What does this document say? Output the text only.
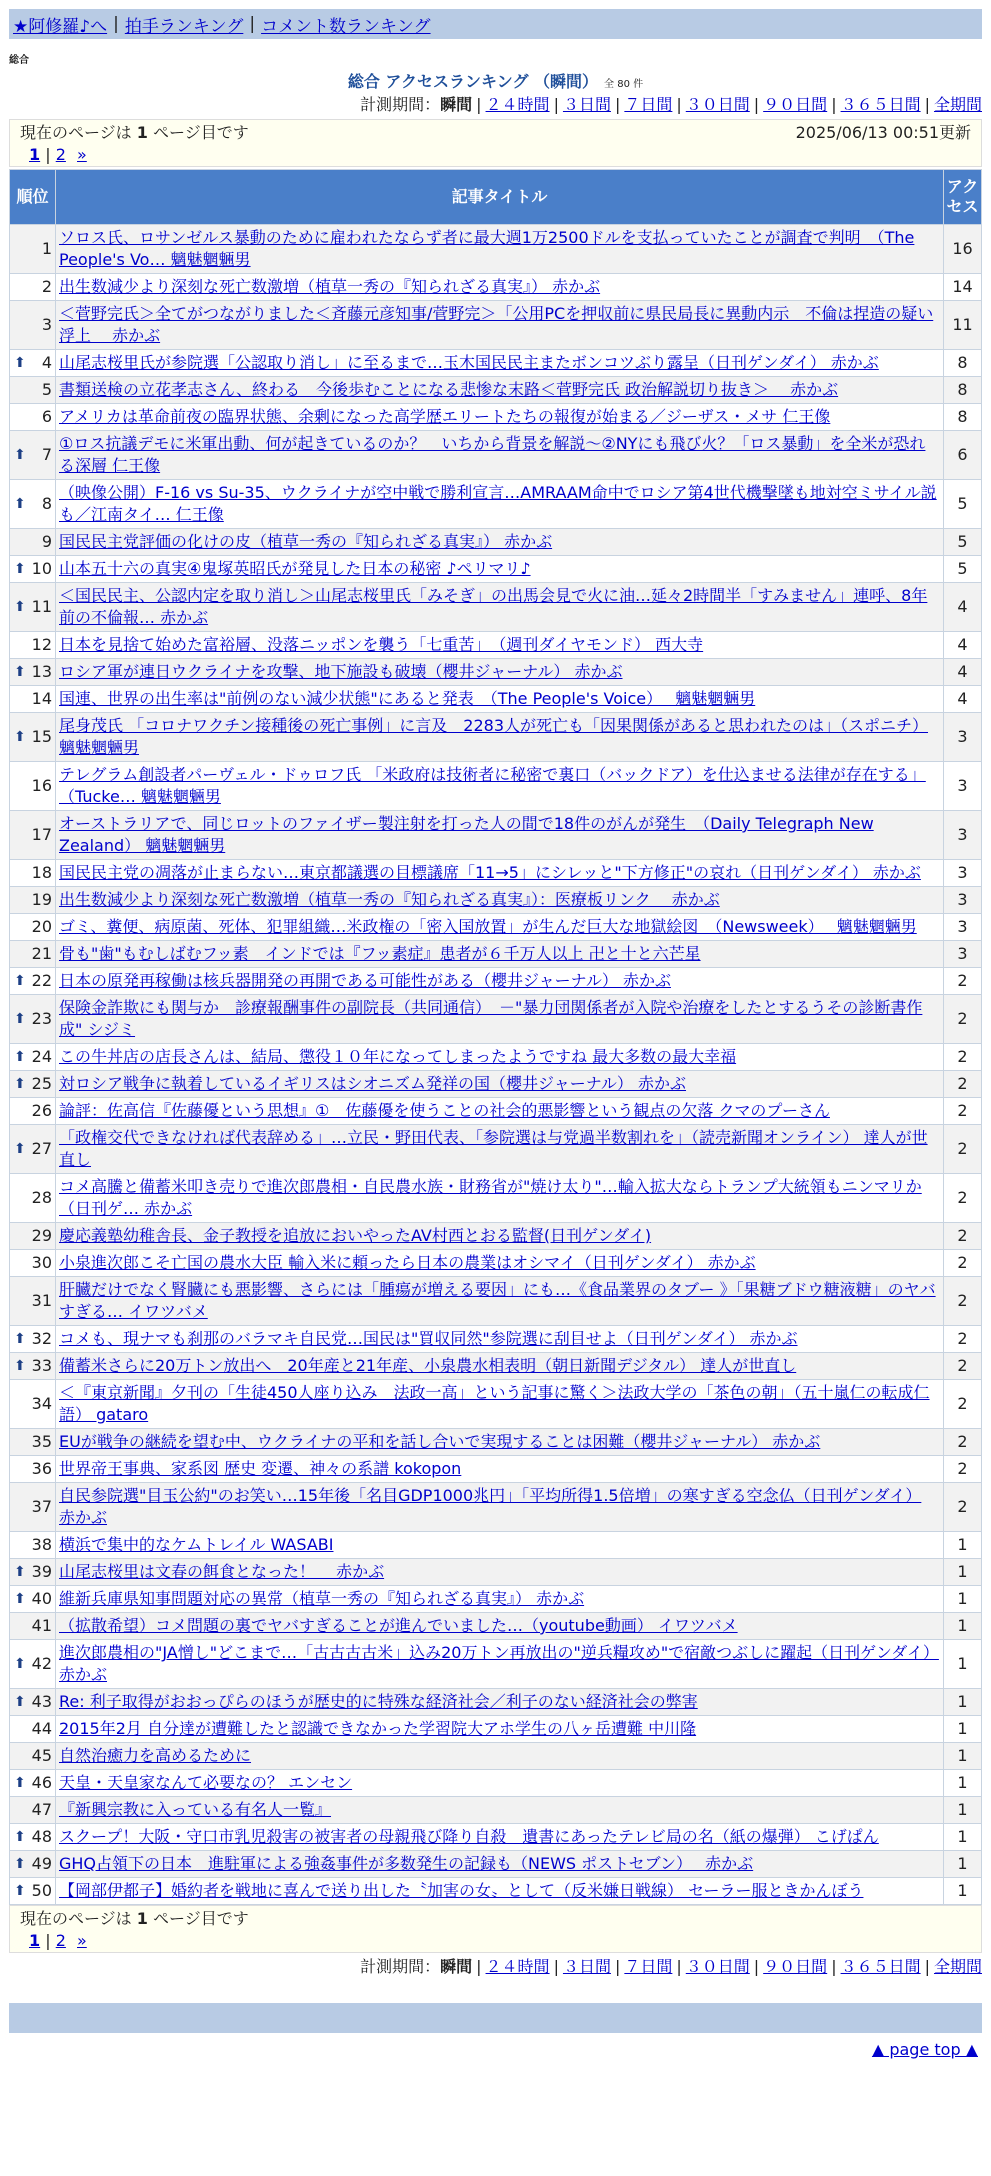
★阿修羅♪へ | 拍手ランキング | コメント数ランキング
総合
総合 アクセスランキング （瞬間） 全 80 件
計測期間：瞬間 | ２４時間 | ３日間 | ７日間 | ３０日間 | ９０日間 | ３６５日間 | 全期間
現在のページは 1 ページ目です	2025/06/13 00:51更新
1 | 2 »
順位	記事タイトル	アクセス
1	ソロス氏、ロサンゼルス暴動のために雇われたならず者に最大週1万2500ドルを支払っていたことが調査で判明　（The People's Vo… 魑魅魍魎男	16
2	出生数減少より深刻な死亡数激増（植草一秀の『知られざる真実』） 赤かぶ	14
3	＜菅野完氏＞全てがつながりました＜斉藤元彦知事/菅野完＞「公用PCを押収前に県民局長に異動内示　不倫は捏造の疑い浮上　 赤かぶ	11

⬆ 4	山尾志桜里氏が参院選「公認取り消し」に至るまで…玉木国民民主またボンコツぶり露呈（日刊ゲンダイ） 赤かぶ	8
5	書類送検の立花孝志さん、終わる　今後歩むことになる悲惨な末路＜菅野完氏 政治解説切り抜き＞　 赤かぶ	8
6	アメリカは革命前夜の臨界状態、余剰になった高学歴エリートたちの報復が始まる／ジーザス・メサ 仁王像	8

⬆ 7	①ロス抗議デモに米軍出動、何が起きているのか？　いちから背景を解説〜②NYにも飛び火？「ロス暴動」を全米が恐れる深層 仁王像	6

⬆ 8	（映像公開）F-16 vs Su-35、ウクライナが空中戦で勝利宣言…AMRAAM命中でロシア第4世代機撃墜も地対空ミサイル説も／江南タイ… 仁王像	5
9	国民民主党評価の化けの皮（植草一秀の『知られざる真実』） 赤かぶ	5

⬆ 10	山本五十六の真実④鬼塚英昭氏が発見した日本の秘密 ♪ペリマリ♪	5

⬆ 11	＜国民民主、公認内定を取り消し＞山尾志桜里氏「みそぎ」の出馬会見で火に油…延々2時間半「すみません」連呼、8年前の不倫報… 赤かぶ	4
12	日本を見捨て始めた富裕層、没落ニッポンを襲う「七重苦」　（週刊ダイヤモンド） 西大寺	4

⬆ 13	ロシア軍が連日ウクライナを攻撃、地下施設も破壊（櫻井ジャーナル） 赤かぶ	4
14	国連、世界の出生率は"前例のない減少状態"にあると発表　（The People's Voice）　 魑魅魍魎男	4

⬆ 15	尾身茂氏 「コロナワクチン接種後の死亡事例」に言及　2283人が死亡も「因果関係があると思われたのは」（スポニチ） 魑魅魍魎男	3
16	テレグラム創設者パーヴェル・ドゥロフ氏 「米政府は技術者に秘密で裏口（バックドア）を仕込ませる法律が存在する」（Tucke… 魑魅魍魎男	3
17	オーストラリアで、同じロットのファイザー製注射を打った人の間で18件のがんが発生　（Daily Telegraph New Zealand） 魑魅魍魎男	3
18	国民民主党の凋落が止まらない…東京都議選の目標議席「11→5」にシレッと"下方修正"の哀れ（日刊ゲンダイ） 赤かぶ	3
19	出生数減少より深刻な死亡数激増（植草一秀の『知られざる真実』）：医療板リンク　 赤かぶ	3
20	ゴミ、糞便、病原菌、死体、犯罪組織…米政権の「密入国放置」が生んだ巨大な地獄絵図　（Newsweek）　 魑魅魍魎男	3
21	骨も"歯"もむしばむフッ素　インドでは『フッ素症』患者が６千万人以上 卍と十と六芒星	3

⬆ 22	日本の原発再稼働は核兵器開発の再開である可能性がある（櫻井ジャーナル） 赤かぶ	2

⬆ 23	保険金詐欺にも関与か　診療報酬事件の副院長（共同通信）　－"暴力団関係者が入院や治療をしたとするうその診断書作成" シジミ	2

⬆ 24	この牛丼店の店長さんは、結局、懲役１０年になってしまったようですね 最大多数の最大幸福	2

⬆ 25	対ロシア戦争に執着しているイギリスはシオニズム発祥の国（櫻井ジャーナル） 赤かぶ	2
26	論評：佐高信『佐藤優という思想』①　佐藤優を使うことの社会的悪影響という観点の欠落 クマのプーさん	2

⬆ 27	「政権交代できなければ代表辞める」…立民・野田代表、「参院選は与党過半数割れを」（読売新聞オンライン） 達人が世直し	2
28	コメ高騰と備蓄米叩き売りで進次郎農相・自民農水族・財務省が"焼け太り"…輸入拡大ならトランプ大統領もニンマリか（日刊ゲ… 赤かぶ	2
29	慶応義塾幼稚舎長、金子教授を追放においやったAV村西とおる監督(日刊ゲンダイ)	2
30	小泉進次郎こそ亡国の農水大臣 輸入米に頼ったら日本の農業はオシマイ（日刊ゲンダイ） 赤かぶ	2
31	肝臓だけでなく腎臓にも悪影響、さらには「腫瘍が増える要因」にも…《食品業界のタブー 》「果糖ブドウ糖液糖」のヤバすぎる… イワツバメ	2

⬆ 32	コメも、現ナマも刹那のバラマキ自民党…国民は"買収同然"参院選に刮目せよ（日刊ゲンダイ） 赤かぶ	2

⬆ 33	備蓄米さらに20万トン放出へ　20年産と21年産、小泉農水相表明（朝日新聞デジタル） 達人が世直し	2
34	＜『東京新聞』夕刊の「生徒450人座り込み　法政一高」という記事に驚く＞法政大学の「茶色の朝」（五十嵐仁の転成仁語） gataro	2
35	EUが戦争の継続を望む中、ウクライナの平和を話し合いで実現することは困難（櫻井ジャーナル） 赤かぶ	2
36	世界帝王事典、家系図 歴史 変遷、神々の系譜 kokopon	2
37	自民参院選"目玉公約"のお笑い…15年後「名目GDP1000兆円」「平均所得1.5倍増」の寒すぎる空念仏（日刊ゲンダイ） 赤かぶ	2
38	横浜で集中的なケムトレイル WASABI	1

⬆ 39	山尾志桜里は文春の餌食となった！　 赤かぶ	1

⬆ 40	維新兵庫県知事問題対応の異常（植草一秀の『知られざる真実』） 赤かぶ	1
41	（拡散希望）コメ問題の裏でヤバすぎることが進んでいました…（youtube動画） イワツバメ	1

⬆ 42	進次郎農相の"JA憎し"どこまで…「古古古古米」込み20万トン再放出の"逆兵糧攻め"で宿敵つぶしに躍起（日刊ゲンダイ） 赤かぶ	1

⬆ 43	Re: 利子取得がおおっぴらのほうが歴史的に特殊な経済社会／利子のない経済社会の弊害	1
44	2015年2月 自分達が遭難したと認識できなかった学習院大アホ学生の八ヶ岳遭難 中川隆	1
45	自然治癒力を高めるために	1

⬆ 46	天皇・天皇家なんて必要なの？ エンセン	1
47	『新興宗教に入っている有名人一覧』	1

⬆ 48	スクープ！大阪・守口市乳児殺害の被害者の母親飛び降り自殺　遺書にあったテレビ局の名（紙の爆弾） こげぱん	1

⬆ 49	GHQ占領下の日本　進駐軍による強姦事件が多数発生の記録も（NEWS ポストセブン）　 赤かぶ	1

⬆ 50	【岡部伊都子】婚約者を戦地に喜んで送り出した〝加害の女〟として（反米嫌日戦線） セーラー服ときかんぼう	1
現在のページは 1 ページ目です
1 | 2 »
計測期間：瞬間 | ２４時間 | ３日間 | ７日間 | ３０日間 | ９０日間 | ３６５日間 | 全期間
▲ page top ▲
